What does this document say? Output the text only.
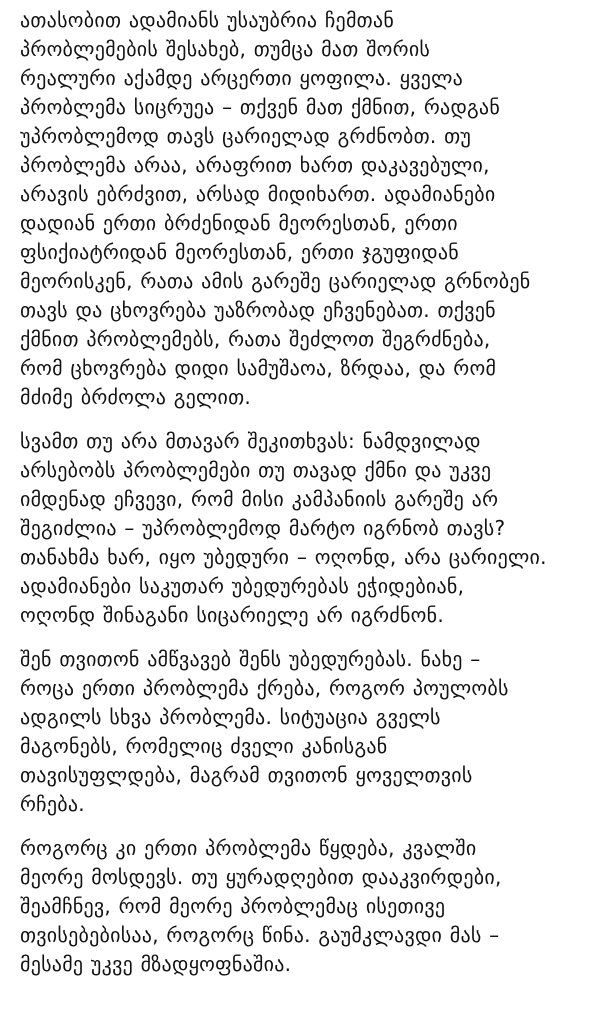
ათასობით ადამიანს უსაუბრია ჩემთან
პრობლემების შესახებ, თუმცა მათ შორის
რეალური აქამდე არცერთი ყოფილა. ყველა
პრობლემა სიცრუეა – თქვენ მათ ქმნით, რადგან
უპრობლემოდ თავს ცარიელად გრძნობთ. თუ
პრობლემა არაა, არაფრით ხართ დაკავებული,
არავის ებრძვით, არსად მიდიხართ. ადამიანები
დადიან ერთი ბრძენიდან მეორესთან, ერთი
ფსიქიატრიდან მეორესთან, ერთი ჯგუფიდან
მეორისკენ, რათა ამის გარეშე ცარიელად გრნობენ
თავს და ცხოვრება უაზრობად ეჩვენებათ. თქვენ
ქმნით პრობლემებს, რათა შეძლოთ შეგრძნება,
რომ ცხოვრება დიდი სამუშაოა, ზრდაა, და რომ
მძიმე ბრძოლა გელით.
სვამთ თუ არა მთავარ შეკითხვას: ნამდვილად
არსებობს პრობლემები თუ თავად ქმნი და უკვე
იმდენად ეჩვევი, რომ მისი კამპანიის გარეშე არ
შეგიძლია – უპრობლემოდ მარტო იგრნობ თავს?
თანახმა ხარ, იყო უბედური – ოღონდ, არა ცარიელი.
ადამიანები საკუთარ უბედურებას ეჭიდებიან,
ოღონდ შინაგანი სიცარიელე არ იგრძნონ.
შენ თვითონ ამწვავებ შენს უბედურებას. ნახე –
როცა ერთი პრობლემა ქრება, როგორ პოულობს
ადგილს სხვა პრობლემა. სიტუაცია გველს
მაგონებს, რომელიც ძველი კანისგან
თავისუფლდება, მაგრამ თვითონ ყოველთვის
რჩება.
როგორც კი ერთი პრობლემა წყდება, კვალში
მეორე მოსდევს. თუ ყურადღებით დააკვირდები,
შეამჩნევ, რომ მეორე პრობლემაც ისეთივე
თვისებებისაა, როგორც წინა. გაუმკლავდი მას –
მესამე უკვე მზადყოფნაშია.
